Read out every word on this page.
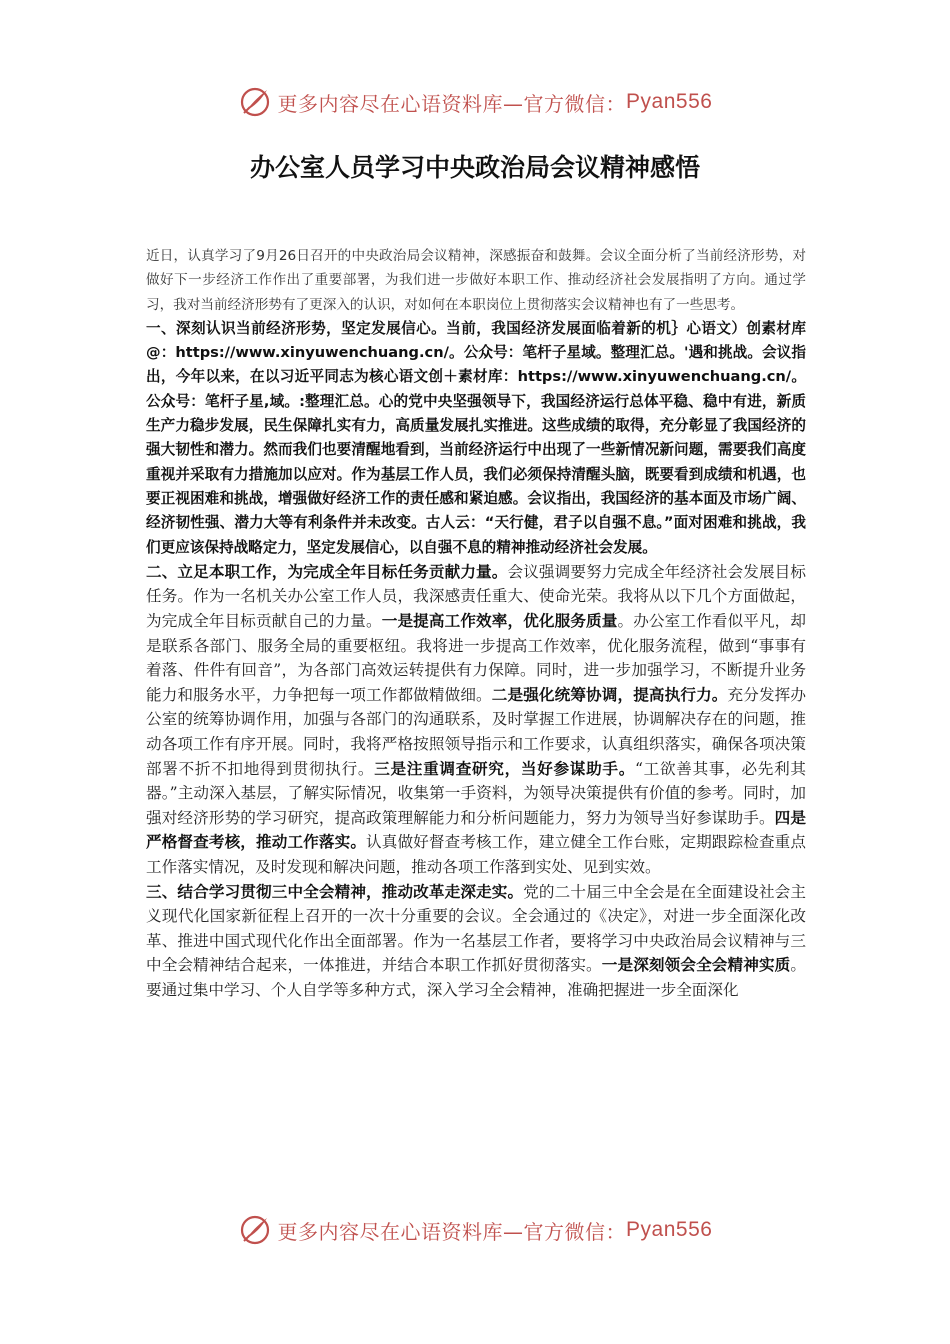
更多内容尽在心语资料库—官方微信： Pyan556
办公室人员学习中央政治局会议精神感悟

近日，认真学习了9月26日召开的中央政治局会议精神，深感振奋和鼓舞。会议全面分析了当前经济形势，对做好下一步经济工作作出了重要部署，为我们进一步做好本职工作、推动经济社会发展指明了方向。通过学习，我对当前经济形势有了更深入的认识，对如何在本职岗位上贯彻落实会议精神也有了一些思考。

一、深刻认识当前经济形势，坚定发展信心。当前，我国经济发展面临着新的机｝心语文）创素材库@：https://www.xinyuwenchuang.cn/。公众号：笔杆子星域。整理汇总。'遇和挑战。会议指出，今年以来，在以习近平同志为核心语文创＋素材库：https://www.xinyuwenchuang.cn/。公众号：笔杆子星,域。:整理汇总。心的党中央坚强领导下，我国经济运行总体平稳、稳中有进，新质生产力稳步发展，民生保障扎实有力，高质量发展扎实推进。这些成绩的取得，充分彰显了我国经济的强大韧性和潜力。然而我们也要清醒地看到，当前经济运行中出现了一些新情况新问题，需要我们高度重视并采取有力措施加以应对。作为基层工作人员，我们必须保持清醒头脑，既要看到成绩和机遇，也要正视困难和挑战，增强做好经济工作的责任感和紧迫感。会议指出，我国经济的基本面及市场广阔、经济韧性强、潜力大等有利条件并未改变。古人云：“天行健，君子以自强不息。”面对困难和挑战，我们更应该保持战略定力，坚定发展信心，以自强不息的精神推动经济社会发展。

二、立足本职工作，为完成全年目标任务贡献力量。会议强调要努力完成全年经济社会发展目标任务。作为一名机关办公室工作人员，我深感责任重大、使命光荣。我将从以下几个方面做起，为完成全年目标贡献自己的力量。一是提高工作效率，优化服务质量。办公室工作看似平凡，却是联系各部门、服务全局的重要枢纽。我将进一步提高工作效率，优化服务流程，做到“事事有着落、件件有回音”，为各部门高效运转提供有力保障。同时，进一步加强学习，不断提升业务能力和服务水平，力争把每一项工作都做精做细。二是强化统筹协调，提高执行力。充分发挥办公室的统筹协调作用，加强与各部门的沟通联系，及时掌握工作进展，协调解决存在的问题，推动各项工作有序开展。同时，我将严格按照领导指示和工作要求，认真组织落实，确保各项决策部署不折不扣地得到贯彻执行。三是注重调查研究，当好参谋助手。“工欲善其事，必先利其器。”主动深入基层，了解实际情况，收集第一手资料，为领导决策提供有价值的参考。同时，加强对经济形势的学习研究，提高政策理解能力和分析问题能力，努力为领导当好参谋助手。四是严格督查考核，推动工作落实。认真做好督查考核工作，建立健全工作台账，定期跟踪检查重点工作落实情况，及时发现和解决问题，推动各项工作落到实处、见到实效。

三、结合学习贯彻三中全会精神，推动改革走深走实。党的二十届三中全会是在全面建设社会主义现代化国家新征程上召开的一次十分重要的会议。全会通过的《决定》，对进一步全面深化改革、推进中国式现代化作出全面部署。作为一名基层工作者，要将学习中央政治局会议精神与三中全会精神结合起来，一体推进，并结合本职工作抓好贯彻落实。一是深刻领会全会精神实质。要通过集中学习、个人自学等多种方式，深入学习全会精神，准确把握进一步全面深化

更多内容尽在心语资料库—官方微信： Pyan556
